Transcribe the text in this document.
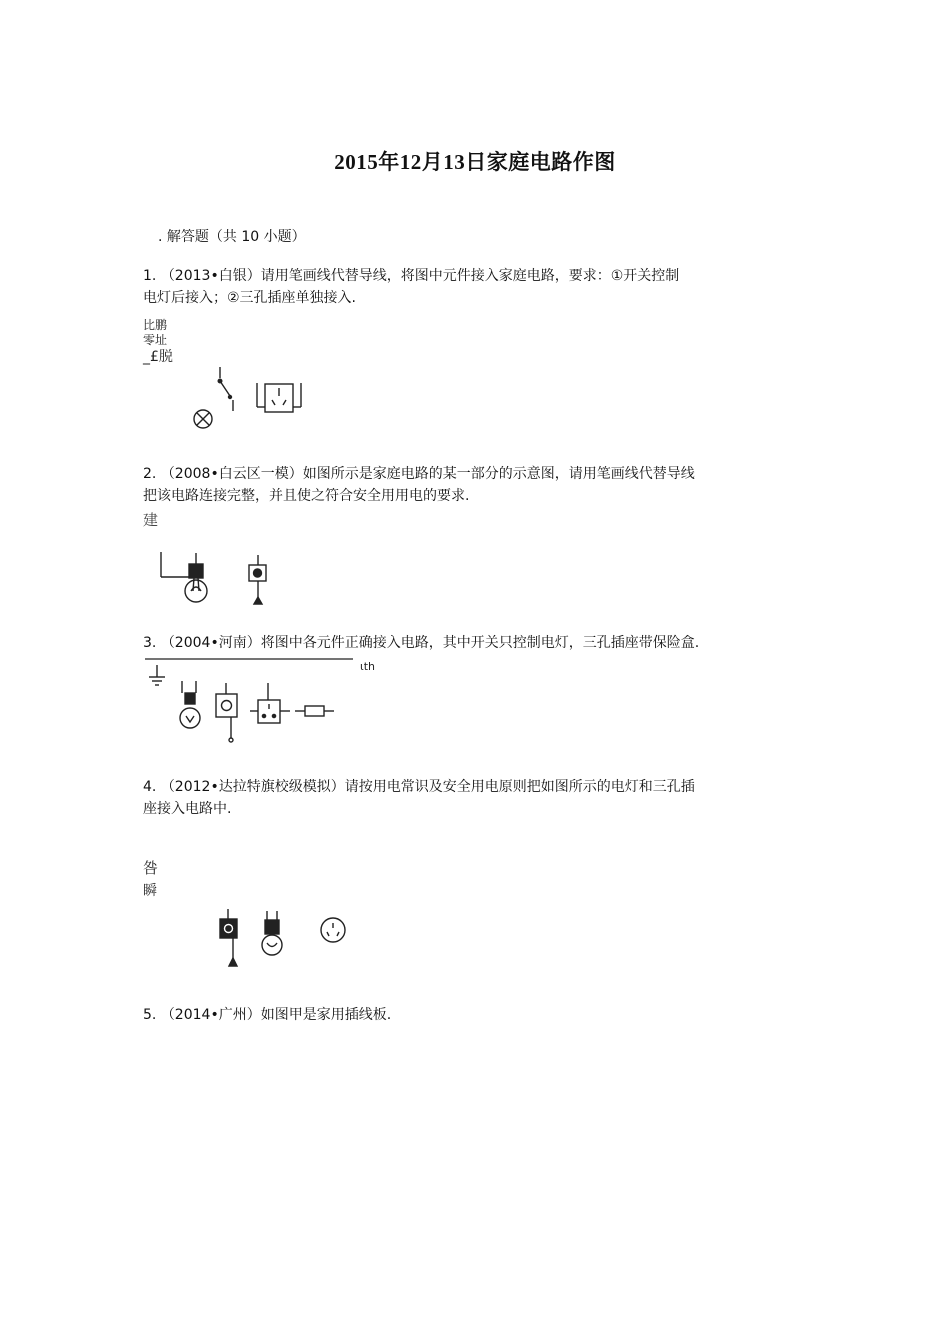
2015年12月13日家庭电路作图
. 解答题（共 10 小题）
1. （2013•白银）请用笔画线代替导线，将图中元件接入家庭电路，要求：①开关控制
电灯后接入；②三孔插座单独接入.
比鹏
零址
_£脱
2. （2008•白云区一模）如图所示是家庭电路的某一部分的示意图，请用笔画线代替导线
把该电路连接完整，并且使之符合安全用用电的要求.
建
3. （2004•河南）将图中各元件正确接入电路，其中开关只控制电灯，三孔插座带保险盒.
ιth
4. （2012•达拉特旗校级模拟）请按用电常识及安全用电原则把如图所示的电灯和三孔插
座接入电路中.
咎
瞬
5. （2014•广州）如图甲是家用插线板.
